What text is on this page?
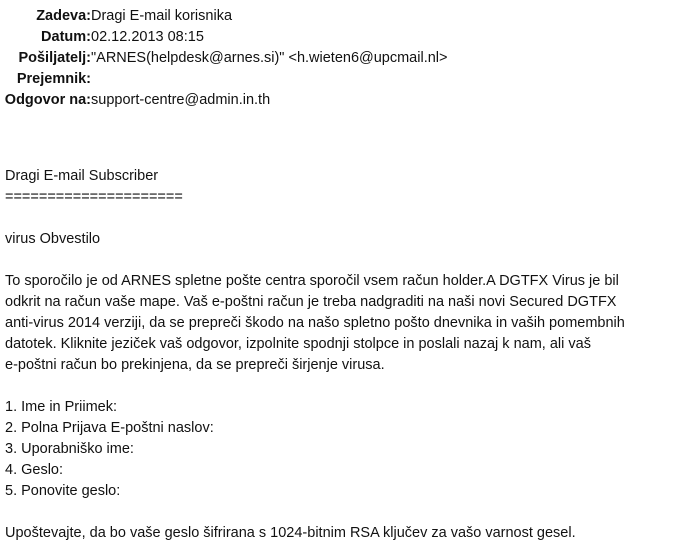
Zadeva:Dragi E-mail korisnika
Datum:02.12.2013 08:15
Pošiljatelj:"ARNES(helpdesk@arnes.si)" <h.wieten6@upcmail.nl>
Prejemnik:
Odgovor na:support-centre@admin.in.th
Dragi E-mail Subscriber
=====================
virus Obvestilo
To sporočilo je od ARNES spletne pošte centra sporočil vsem račun holder.A DGTFX Virus je bil
odkrit na račun vaše mape. Vaš e-poštni račun je treba nadgraditi na naši novi Secured DGTFX
anti-virus 2014 verziji, da se prepreči škodo na našo spletno pošto dnevnika in vaših pomembnih
datotek. Kliknite jeziček vaš odgovor, izpolnite spodnji stolpce in poslali nazaj k nam, ali vaš
e-poštni račun bo prekinjena, da se prepreči širjenje virusa.
1. Ime in Priimek:
2. Polna Prijava E-poštni naslov:
3. Uporabniško ime:
4. Geslo:
5. Ponovite geslo:
Upoštevajte, da bo vaše geslo šifrirana s 1024-bitnim RSA ključev za vašo varnost gesel.
